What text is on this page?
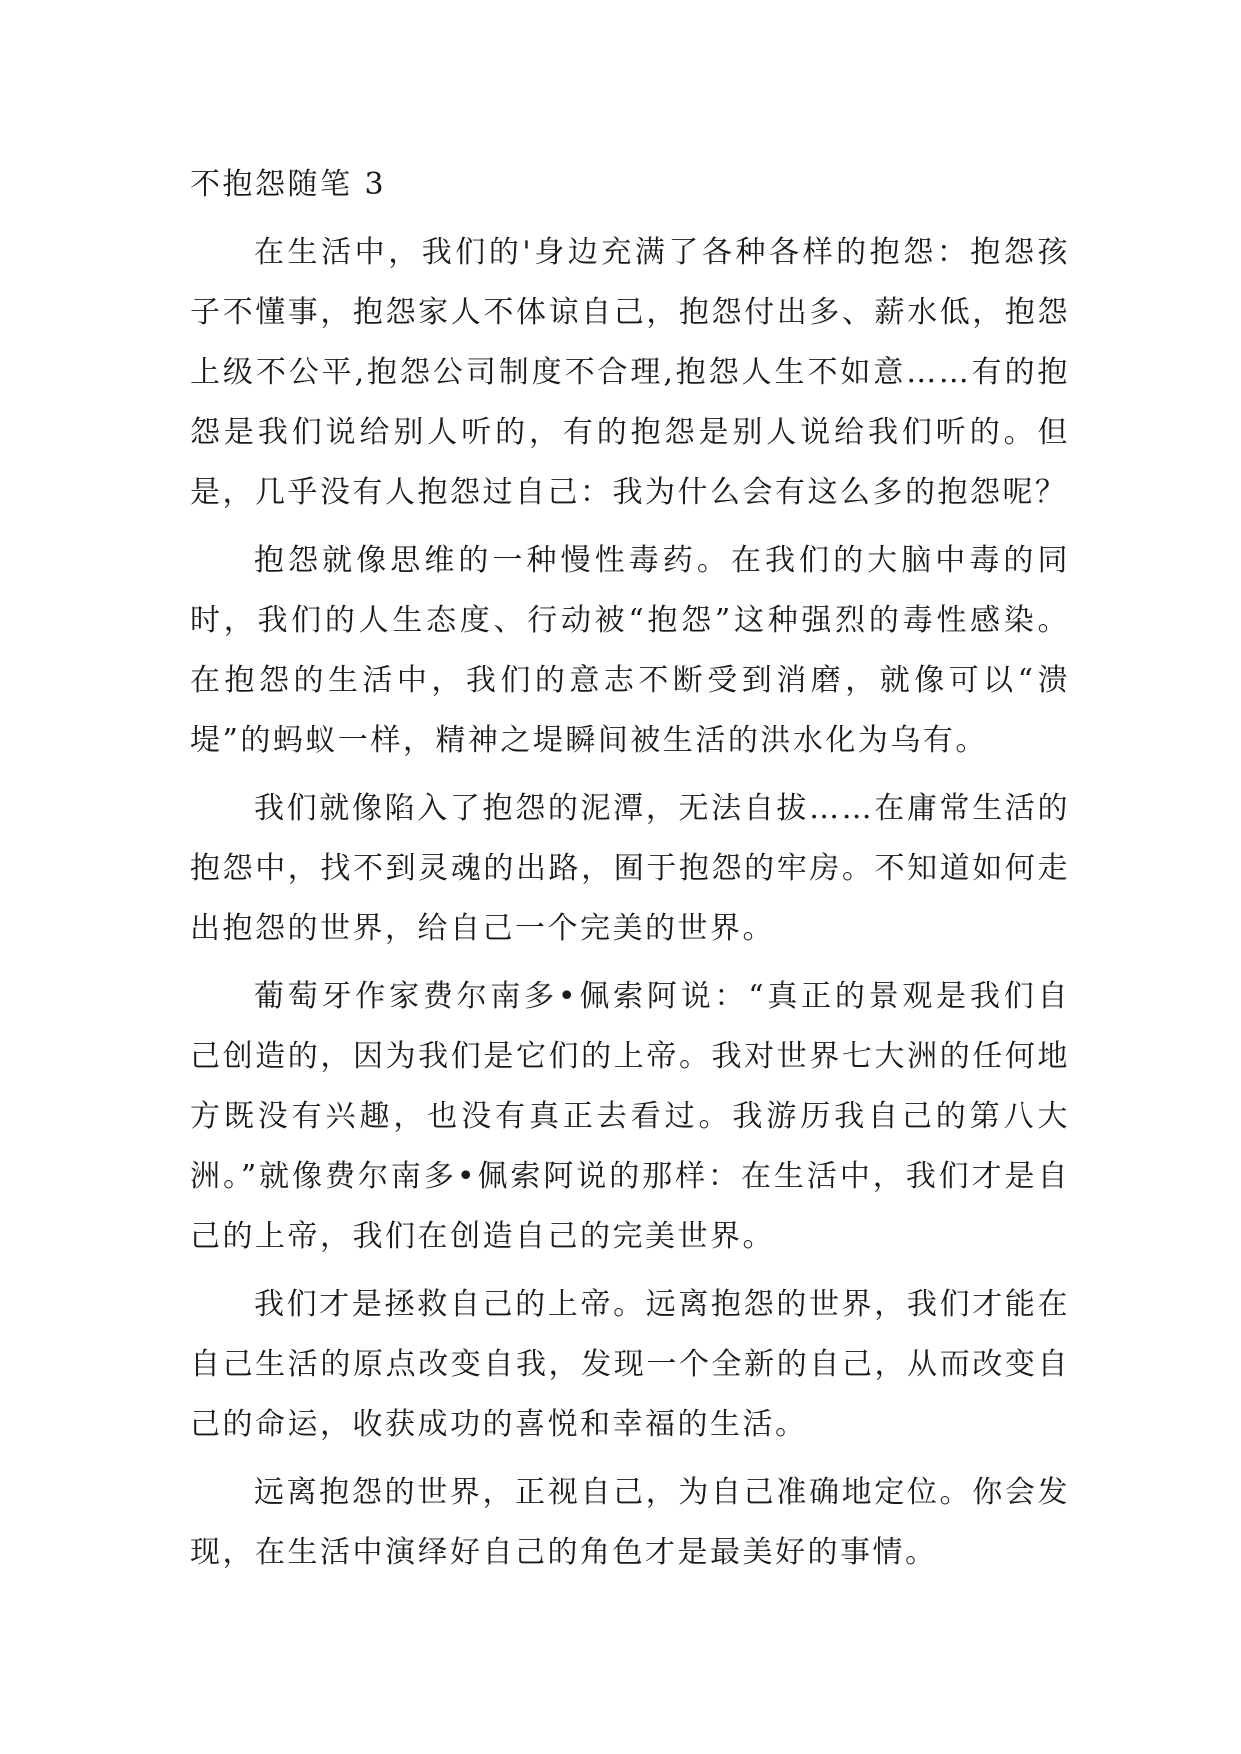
不抱怨随笔 3

在生活中，我们的'身边充满了各种各样的抱怨：抱怨孩子不懂事，抱怨家人不体谅自己，抱怨付出多、薪水低，抱怨上级不公平,抱怨公司制度不合理,抱怨人生不如意……有的抱怨是我们说给别人听的，有的抱怨是别人说给我们听的。但是，几乎没有人抱怨过自己：我为什么会有这么多的抱怨呢？

抱怨就像思维的一种慢性毒药。在我们的大脑中毒的同时，我们的人生态度、行动被“抱怨”这种强烈的毒性感染。在抱怨的生活中，我们的意志不断受到消磨，就像可以“溃堤”的蚂蚁一样，精神之堤瞬间被生活的洪水化为乌有。

我们就像陷入了抱怨的泥潭，无法自拔……在庸常生活的抱怨中，找不到灵魂的出路，囿于抱怨的牢房。不知道如何走出抱怨的世界，给自己一个完美的世界。

葡萄牙作家费尔南多•佩索阿说：“真正的景观是我们自己创造的，因为我们是它们的上帝。我对世界七大洲的任何地方既没有兴趣，也没有真正去看过。我游历我自己的第八大洲。”就像费尔南多•佩索阿说的那样：在生活中，我们才是自己的上帝，我们在创造自己的完美世界。

我们才是拯救自己的上帝。远离抱怨的世界，我们才能在自己生活的原点改变自我，发现一个全新的自己，从而改变自己的命运，收获成功的喜悦和幸福的生活。

远离抱怨的世界，正视自己，为自己准确地定位。你会发现，在生活中演绎好自己的角色才是最美好的事情。
